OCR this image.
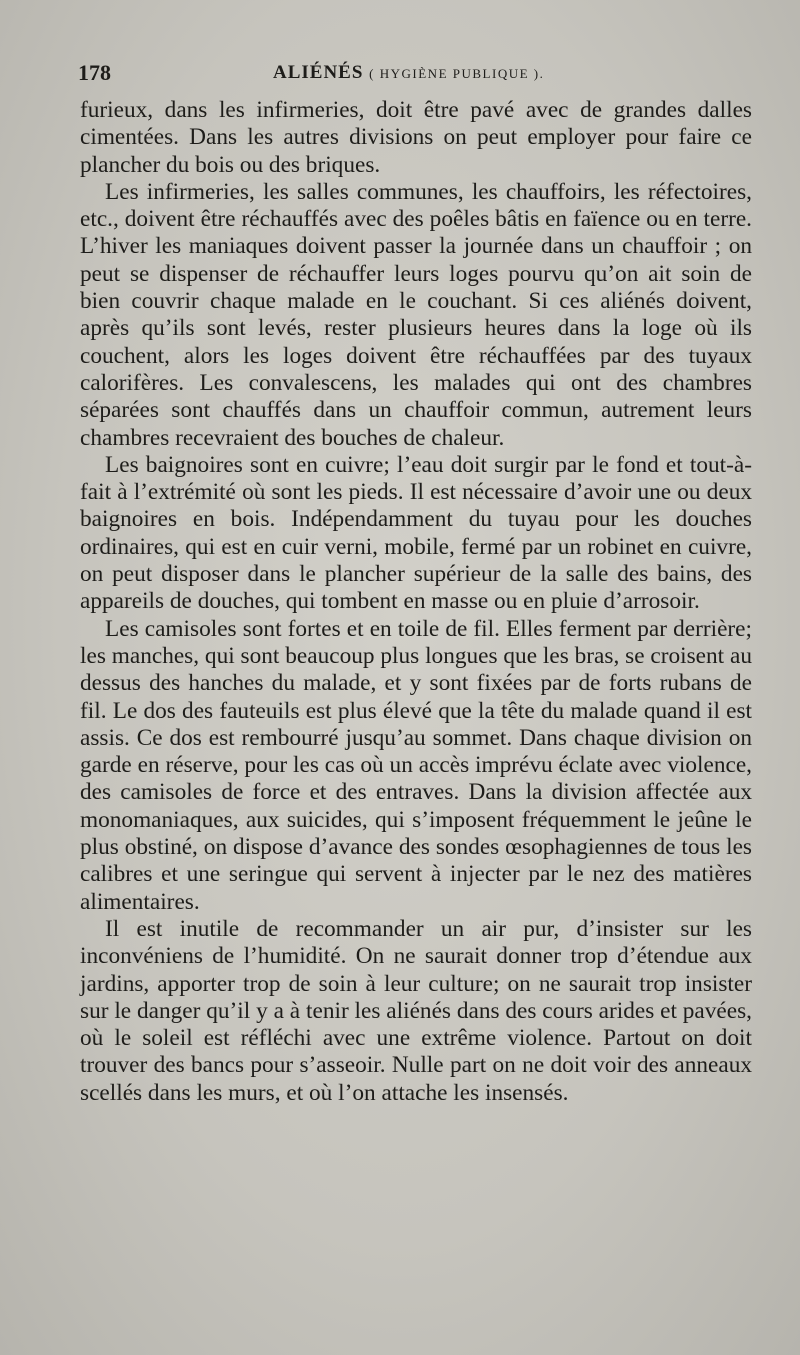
178	ALIÉNÉS ( HYGIÈNE PUBLIQUE ).

furieux, dans les infirmeries, doit être pavé avec de grandes dalles cimentées. Dans les autres divisions on peut employer pour faire ce plancher du bois ou des briques.

Les infirmeries, les salles communes, les chauffoirs, les réfectoires, etc., doivent être réchauffés avec des poêles bâtis en faïence ou en terre. L’hiver les maniaques doivent passer la journée dans un chauffoir ; on peut se dispenser de réchauffer leurs loges pourvu qu’on ait soin de bien couvrir chaque malade en le couchant. Si ces aliénés doivent, après qu’ils sont levés, rester plusieurs heures dans la loge où ils couchent, alors les loges doivent être réchauffées par des tuyaux calorifères. Les convalescens, les malades qui ont des chambres séparées sont chauffés dans un chauffoir commun, autrement leurs chambres recevraient des bouches de chaleur.

Les baignoires sont en cuivre; l’eau doit surgir par le fond et tout-à-fait à l’extrémité où sont les pieds. Il est nécessaire d’avoir une ou deux baignoires en bois. Indépendamment du tuyau pour les douches ordinaires, qui est en cuir verni, mobile, fermé par un robinet en cuivre, on peut disposer dans le plancher supérieur de la salle des bains, des appareils de douches, qui tombent en masse ou en pluie d’arrosoir.

Les camisoles sont fortes et en toile de fil. Elles ferment par derrière; les manches, qui sont beaucoup plus longues que les bras, se croisent au dessus des hanches du malade, et y sont fixées par de forts rubans de fil. Le dos des fauteuils est plus élevé que la tête du malade quand il est assis. Ce dos est rembourré jusqu’au sommet. Dans chaque division on garde en réserve, pour les cas où un accès imprévu éclate avec violence, des camisoles de force et des entraves. Dans la division affectée aux monomaniaques, aux suicides, qui s’imposent fréquemment le jeûne le plus obstiné, on dispose d’avance des sondes œsophagiennes de tous les calibres et une seringue qui servent à injecter par le nez des matières alimentaires.

Il est inutile de recommander un air pur, d’insister sur les inconvéniens de l’humidité. On ne saurait donner trop d’étendue aux jardins, apporter trop de soin à leur culture; on ne saurait trop insister sur le danger qu’il y a à tenir les aliénés dans des cours arides et pavées, où le soleil est réfléchi avec une extrême violence. Partout on doit trouver des bancs pour s’asseoir. Nulle part on ne doit voir des anneaux scellés dans les murs, et où l’on attache les insensés.
